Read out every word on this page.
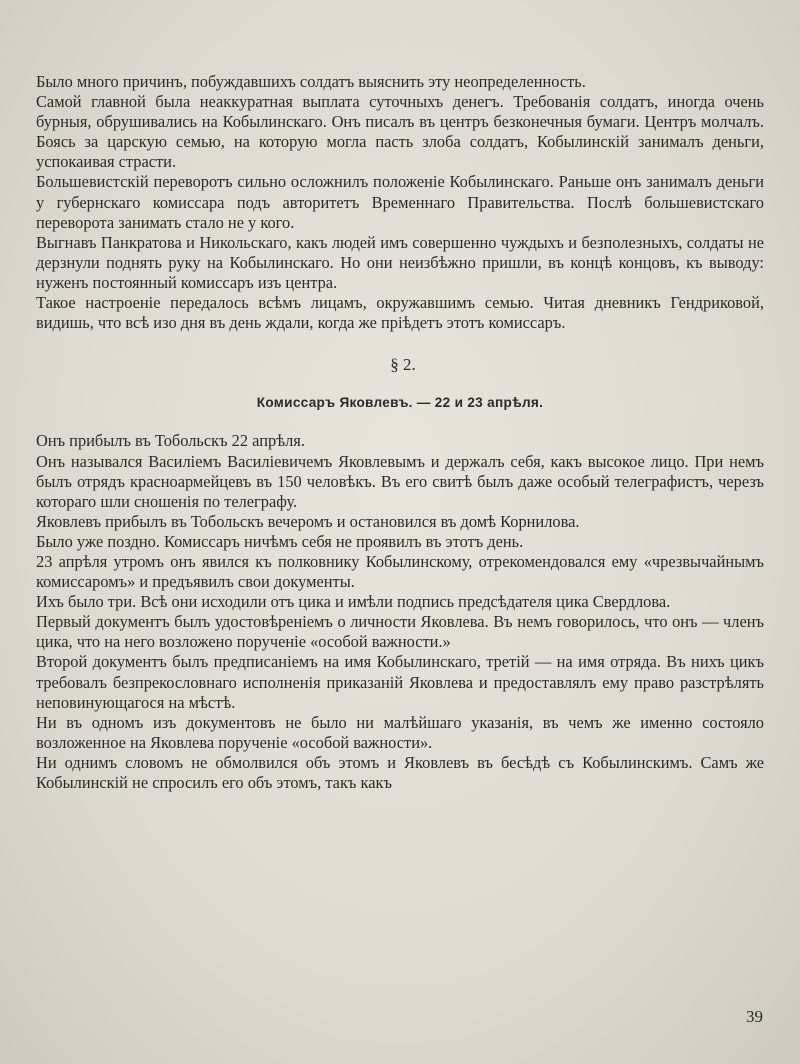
Было много причинъ, побуждавшихъ солдатъ выяснить эту неопределенность.

Самой главной была неаккуратная выплата суточныхъ денегъ. Требованія солдатъ, иногда очень бурныя, обрушивались на Кобылинскаго. Онъ писалъ въ центръ безконечныя бумаги. Центръ молчалъ. Боясь за царскую семью, на которую могла пасть злоба солдатъ, Кобылинскій занималъ деньги, успокаивая страсти.

Большевистскій переворотъ сильно осложнилъ положеніе Кобылинскаго. Раньше онъ занималъ деньги у губернскаго комиссара подъ авторитетъ Временнаго Правительства. Послѣ большевистскаго переворота занимать стало не у кого.

Выгнавъ Панкратова и Никольскаго, какъ людей имъ совершенно чуждыхъ и безполезныхъ, солдаты не дерзнули поднять руку на Кобылинскаго. Но они неизбѣжно пришли, въ концѣ концовъ, къ выводу: нуженъ постоянный комиссаръ изъ центра.

Такое настроеніе передалось всѣмъ лицамъ, окружавшимъ семью. Читая дневникъ Гендриковой, видишь, что всѣ изо дня въ день ждали, когда же пріѣдетъ этотъ комиссаръ.

§ 2.
Комиссаръ Яковлевъ. — 22 и 23 апрѣля.

Онъ прибылъ въ Тобольскъ 22 апрѣля.

Онъ назывался Василіемъ Василіевичемъ Яковлевымъ и держалъ себя, какъ высокое лицо. При немъ былъ отрядъ красноармейцевъ въ 150 человѣкъ. Въ его свитѣ былъ даже особый телеграфистъ, черезъ котораго шли сношенія по телеграфу.

Яковлевъ прибылъ въ Тобольскъ вечеромъ и остановился въ домѣ Корнилова.

Было уже поздно. Комиссаръ ничѣмъ себя не проявилъ въ этотъ день.

23 апрѣля утромъ онъ явился къ полковнику Кобылинскому, отрекомендовался ему «чрезвычайнымъ комиссаромъ» и предъявилъ свои документы.

Ихъ было три. Всѣ они исходили отъ цика и имѣли подпись предсѣдателя цика Свердлова.

Первый документъ былъ удостовѣреніемъ о личности Яковлева. Въ немъ говорилось, что онъ — членъ цика, что на него возложено порученіе «особой важности.»

Второй документъ былъ предписаніемъ на имя Кобылинскаго, третій — на имя отряда. Въ нихъ цикъ требовалъ безпрекословнаго исполненія приказаній Яковлева и предоставлялъ ему право разстрѣлять неповинующагося на мѣстѣ.

Ни въ одномъ изъ документовъ не было ни малѣйшаго указанія, въ чемъ же именно состояло возложенное на Яковлева порученіе «особой важности».

Ни однимъ словомъ не обмолвился объ этомъ и Яковлевъ въ бесѣдѣ съ Кобылинскимъ. Самъ же Кобылинскій не спросилъ его объ этомъ, такъ какъ

39
